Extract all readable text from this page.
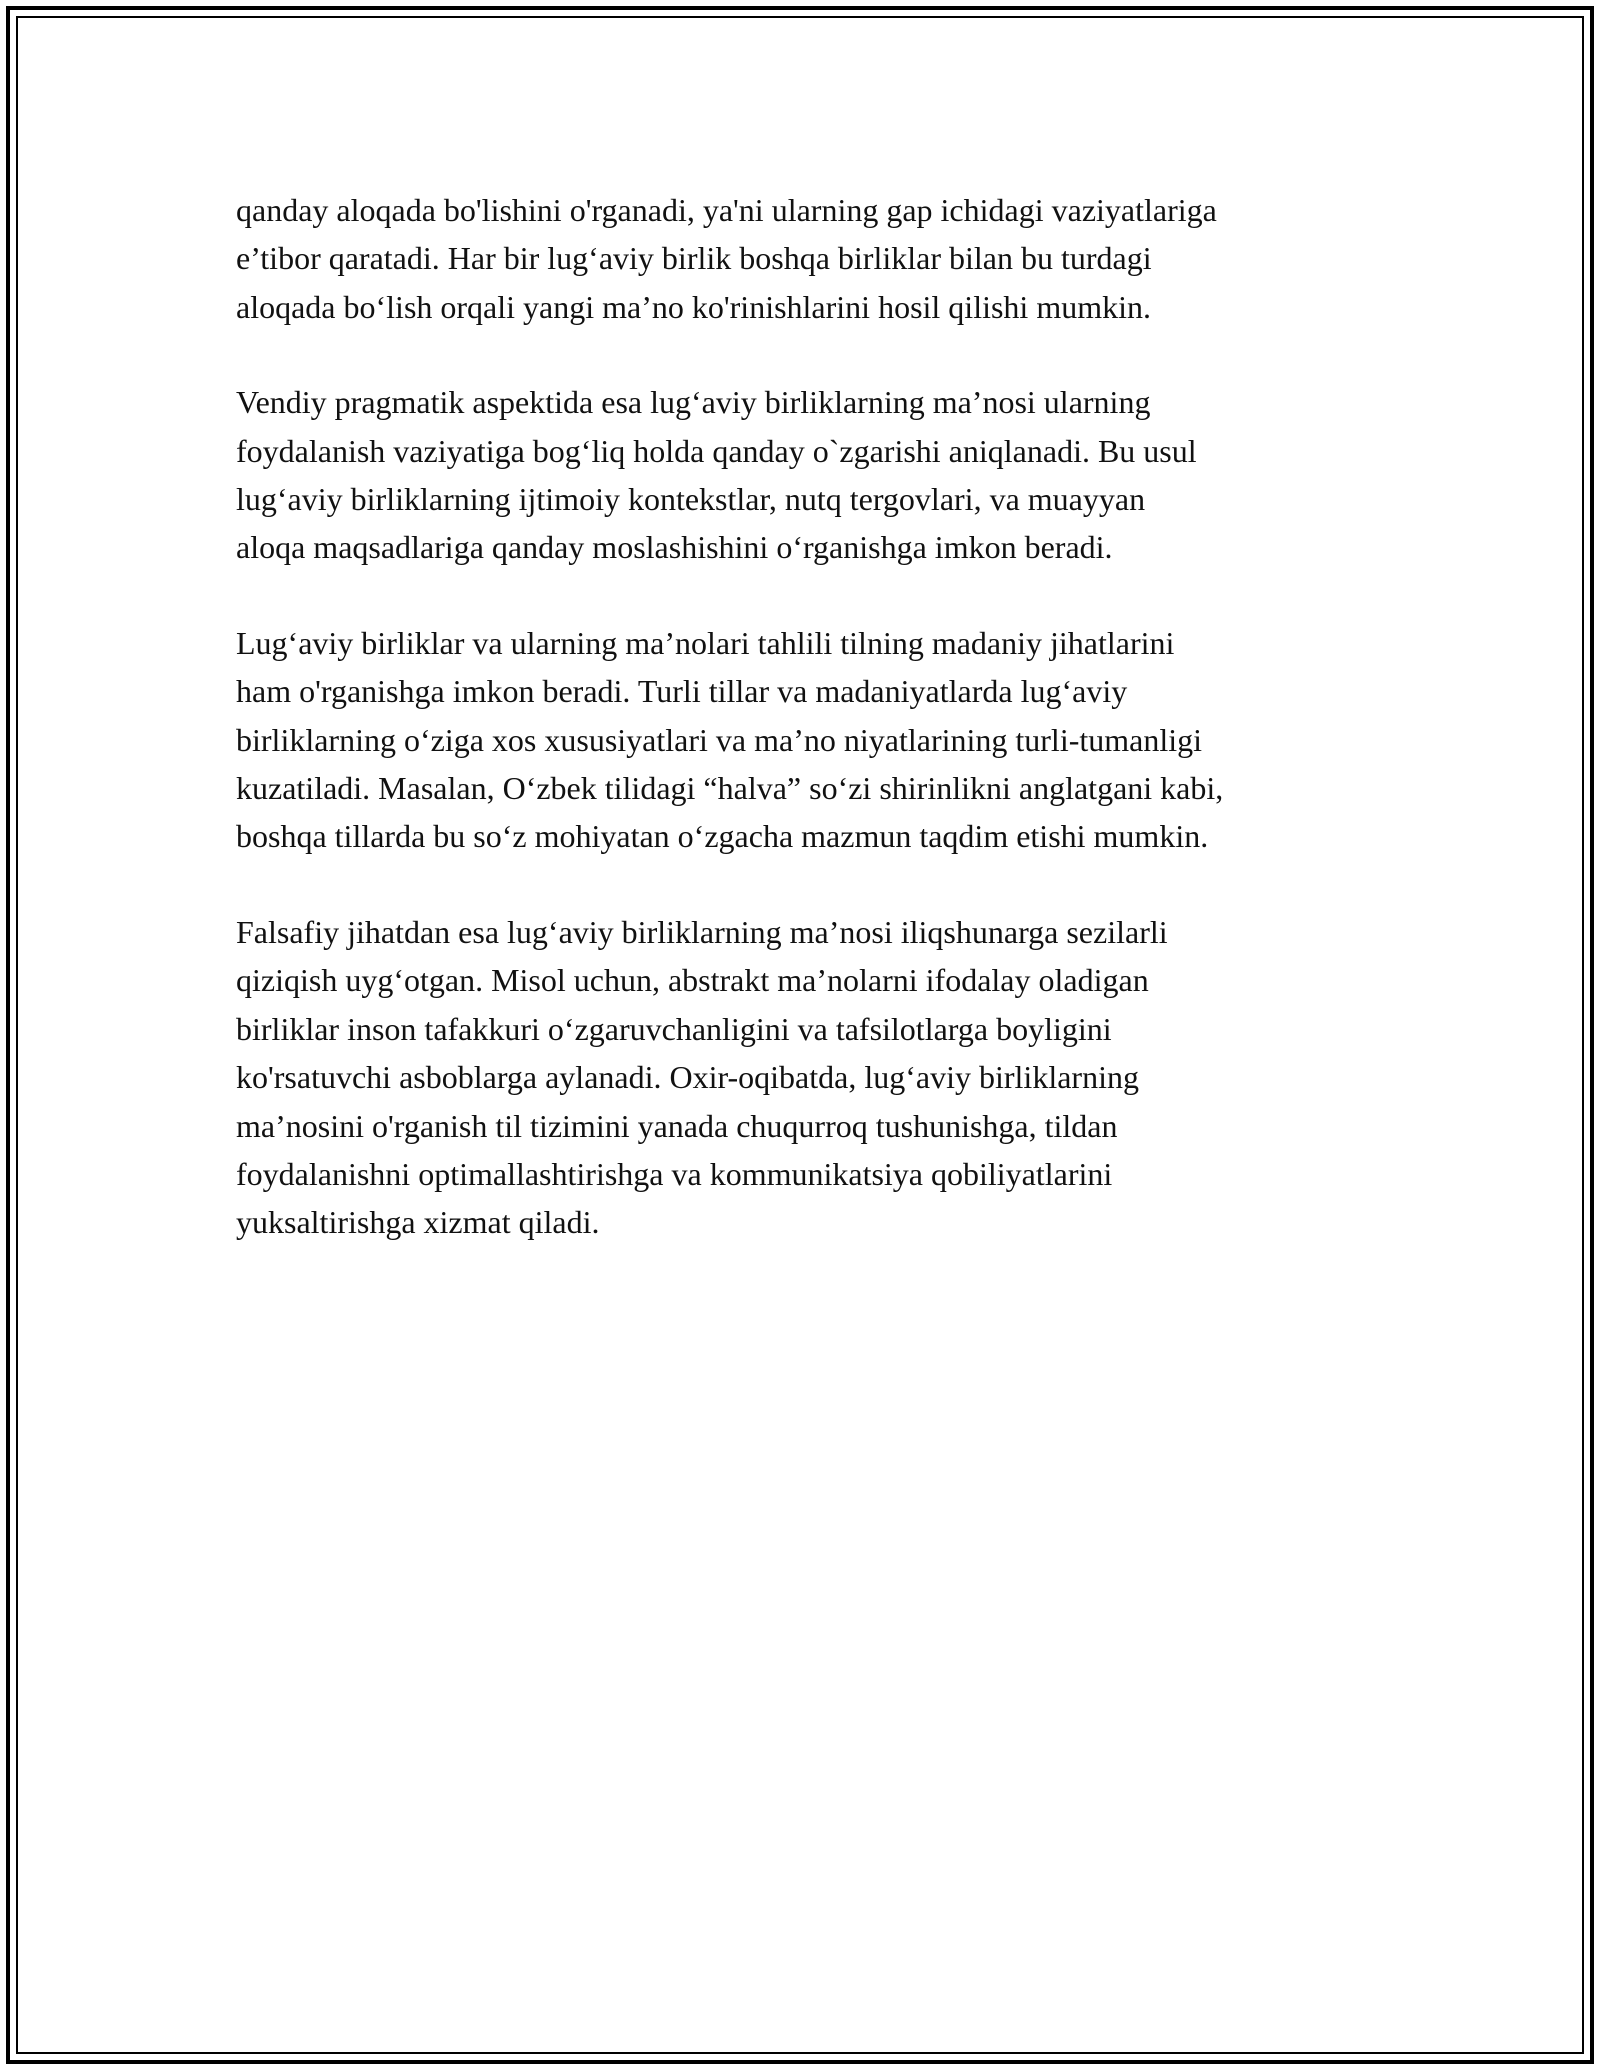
qanday aloqada bo'lishini o'rganadi, ya'ni ularning gap ichidagi vaziyatlariga
e’tibor qaratadi. Har bir lug‘aviy birlik boshqa birliklar bilan bu turdagi
aloqada bo‘lish orqali yangi ma’no ko'rinishlarini hosil qilishi mumkin.

Vendiy pragmatik aspektida esa lug‘aviy birliklarning ma’nosi ularning
foydalanish vaziyatiga bog‘liq holda qanday o`zgarishi aniqlanadi. Bu usul
lug‘aviy birliklarning ijtimoiy kontekstlar, nutq tergovlari, va muayyan
aloqa maqsadlariga qanday moslashishini o‘rganishga imkon beradi.

Lug‘aviy birliklar va ularning ma’nolari tahlili tilning madaniy jihatlarini
ham o'rganishga imkon beradi. Turli tillar va madaniyatlarda lug‘aviy
birliklarning o‘ziga xos xususiyatlari va ma’no niyatlarining turli-tumanligi
kuzatiladi. Masalan, O‘zbek tilidagi “halva” so‘zi shirinlikni anglatgani kabi,
boshqa tillarda bu so‘z mohiyatan o‘zgacha mazmun taqdim etishi mumkin.

Falsafiy jihatdan esa lug‘aviy birliklarning ma’nosi iliqshunarga sezilarli
qiziqish uyg‘otgan. Misol uchun, abstrakt ma’nolarni ifodalay oladigan
birliklar inson tafakkuri o‘zgaruvchanligini va tafsilotlarga boyligini
ko'rsatuvchi asboblarga aylanadi. Oxir-oqibatda, lug‘aviy birliklarning
ma’nosini o'rganish til tizimini yanada chuqurroq tushunishga, tildan
foydalanishni optimallashtirishga va kommunikatsiya qobiliyatlarini
yuksaltirishga xizmat qiladi.
